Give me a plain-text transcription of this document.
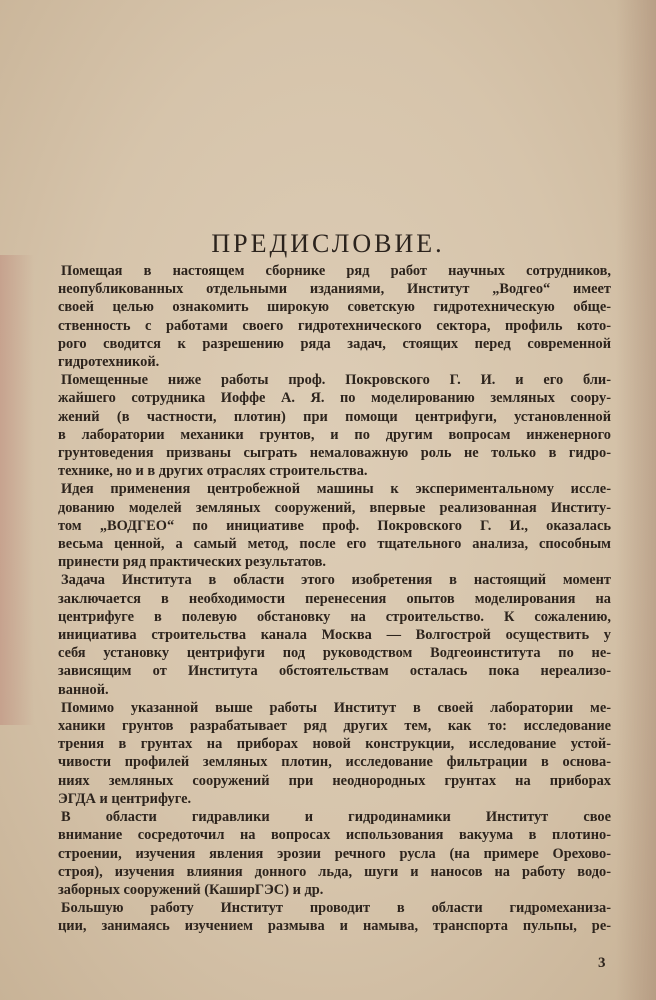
ПРЕДИСЛОВИЕ.

Помещая в настоящем сборнике ряд работ научных сотрудников,
неопубликованных отдельными изданиями, Институт „Водгео“ имеет
своей целью ознакомить широкую советскую гидротехническую обще-
ственность с работами своего гидротехнического сектора, профиль кото-
рого сводится к разрешению ряда задач, стоящих перед современной
гидротехникой.

Помещенные ниже работы проф. Покровского Г. И. и его бли-
жайшего сотрудника Иоффе А. Я. по моделированию земляных соору-
жений (в частности, плотин) при помощи центрифуги, установленной
в лаборатории механики грунтов, и по другим вопросам инженерного
грунтоведения призваны сыграть немаловажную роль не только в гидро-
технике, но и в других отраслях строительства.

Идея применения центробежной машины к экспериментальному иссле-
дованию моделей земляных сооружений, впервые реализованная Институ-
том „ВОДГЕО“ по инициативе проф. Покровского Г. И., оказалась
весьма ценной, а самый метод, после его тщательного анализа, способным
принести ряд практических результатов.

Задача Института в области этого изобретения в настоящий момент
заключается в необходимости перенесения опытов моделирования на
центрифуге в полевую обстановку на строительство. К сожалению,
инициатива строительства канала Москва — Волгострой осуществить у
себя установку центрифуги под руководством Водгеоинститута по не-
зависящим от Института обстоятельствам осталась пока нереализо-
ванной.

Помимо указанной выше работы Институт в своей лаборатории ме-
ханики грунтов разрабатывает ряд других тем, как то: исследование
трения в грунтах на приборах новой конструкции, исследование устой-
чивости профилей земляных плотин, исследование фильтрации в основа-
ниях земляных сооружений при неоднородных грунтах на приборах
ЭГДА и центрифуге.

В области гидравлики и гидродинамики Институт свое
внимание сосредоточил на вопросах использования вакуума в плотино-
строении, изучения явления эрозии речного русла (на примере Орехово-
строя), изучения влияния донного льда, шуги и наносов на работу водо-
заборных сооружений (КаширГЭС) и др.

Большую работу Институт проводит в области гидромеханиза-
ции, занимаясь изучением размыва и намыва, транспорта пульпы, ре-

3
